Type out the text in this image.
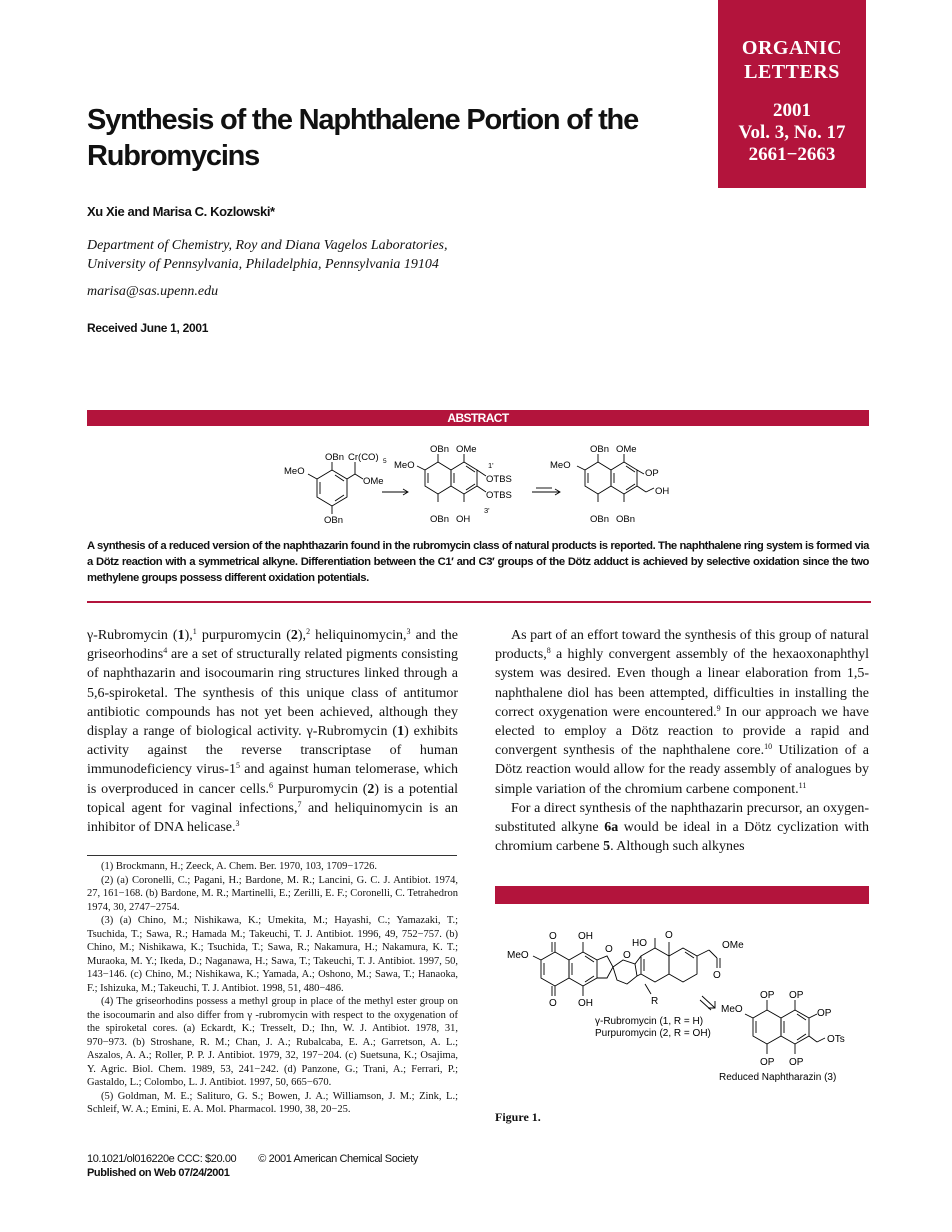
ORGANIC
LETTERS
2001
Vol. 3, No. 17
2661−2663
Synthesis of the Naphthalene Portion of the Rubromycins
Xu Xie and Marisa C. Kozlowski*
Department of Chemistry, Roy and Diana Vagelos Laboratories,
University of Pennsylvania, Philadelphia, Pennsylvania 19104
marisa@sas.upenn.edu
Received June 1, 2001
ABSTRACT
OBn Cr(CO) 5
MeO
OMe
OBn
OBn OMe
MeO	1'
OTBS
OTBS
3'
OBn OH
OBn OMe
MeO
OP
OH
OBn OBn
A synthesis of a reduced version of the naphthazarin found in the rubromycin class of natural products is reported. The naphthalene ring system is formed via a Dötz reaction with a symmetrical alkyne. Differentiation between the C1′ and C3′ groups of the Dötz adduct is achieved by selective oxidation since the two methylene groups possess different oxidation potentials.

γ-Rubromycin (1),$^1$ purpuromycin (2),$^2$ heliquinomycin,$^3$ and the griseorhodins$^4$ are a set of structurally related pigments consisting of naphthazarin and isocoumarin ring structures linked through a 5,6-spiroketal. The synthesis of this unique class of antitumor antibiotic compounds has not yet been achieved, although they display a range of biological activity. γ-Rubromycin (1) exhibits activity against the reverse transcriptase of human immunodeficiency virus-$1^5$ and against human telomerase, which is overproduced in cancer cells.$^6$ Purpuromycin (2) is a potential topical agent for vaginal infections,$^7$ and heliquinomycin is an inhibitor of DNA helicase.$^3$

(1) Brockmann, H.; Zeeck, A. Chem. Ber. 1970, 103, 1709−1726.

(2) (a) Coronelli, C.; Pagani, H.; Bardone, M. R.; Lancini, G. C. J. Antibiot. 1974, 27, 161−168. (b) Bardone, M. R.; Martinelli, E.; Zerilli, E. F.; Coronelli, C. Tetrahedron 1974, 30, 2747−2754.

(3) (a) Chino, M.; Nishikawa, K.; Umekita, M.; Hayashi, C.; Yamazaki, T.; Tsuchida, T.; Sawa, R.; Hamada M.; Takeuchi, T. J. Antibiot. 1996, 49, 752−757. (b) Chino, M.; Nishikawa, K.; Tsuchida, T.; Sawa, R.; Nakamura, H.; Nakamura, K. T.; Muraoka, M. Y.; Ikeda, D.; Naganawa, H.; Sawa, T.; Takeuchi, T. J. Antibiot. 1997, 50, 143−146. (c) Chino, M.; Nishikawa, K.; Yamada, A.; Oshono, M.; Sawa, T.; Hanaoka, F.; Ishizuka, M.; Takeuchi, T. J. Antibiot. 1998, 51, 480−486.

(4) The griseorhodins possess a methyl group in place of the methyl ester group on the isocoumarin and also differ from γ -rubromycin with respect to the oxygenation of the spiroketal cores. (a) Eckardt, K.; Tresselt, D.; Ihn, W. J. Antibiot. 1978, 31, 970−973. (b) Stroshane, R. M.; Chan, J. A.; Rubalcaba, E. A.; Garretson, A. L.; Aszalos, A. A.; Roller, P. P. J. Antibiot. 1979, 32, 197−204. (c) Suetsuna, K.; Osajima, Y. Agric. Biol. Chem. 1989, 53, 241−242. (d) Panzone, G.; Trani, A.; Ferrari, P.; Gastaldo, L.; Colombo, L. J. Antibiot. 1997, 50, 665−670.

(5) Goldman, M. E.; Salituro, G. S.; Bowen, J. A.; Williamson, J. M.; Zink, L.; Schleif, W. A.; Emini, E. A. Mol. Pharmacol. 1990, 38, 20−25.

As part of an effort toward the synthesis of this group of natural products,$^8$ a highly convergent assembly of the hexaoxonaphthyl system was desired. Even though a linear elaboration from 1,5-naphthalene diol has been attempted, difficulties in installing the correct oxygenation were encountered.$^9$ In our approach we have elected to employ a Dötz reaction to provide a rapid and convergent synthesis of the naphthalene core.$^{10}$ Utilization of a Dötz reaction would allow for the ready assembly of analogues by simple variation of the chromium carbene component.$^{11}$

For a direct synthesis of the naphthazarin precursor, an oxygen-substituted alkyne 6a would be ideal in a Dötz cyclization with chromium carbene 5. Although such alkynes

HO
O
OMe
MeO
OH
OH
O
O
O
O
O
R
γ-Rubromycin (1, R = H)
Purpuromycin (2, R = OH)
OP OP
MeO	OP
OTs
OP OP
Reduced Naphtharazin (3)
Figure 1.
10.1021/ol016220e CCC: $20.00 © 2001 American Chemical Society
Published on Web 07/24/2001
